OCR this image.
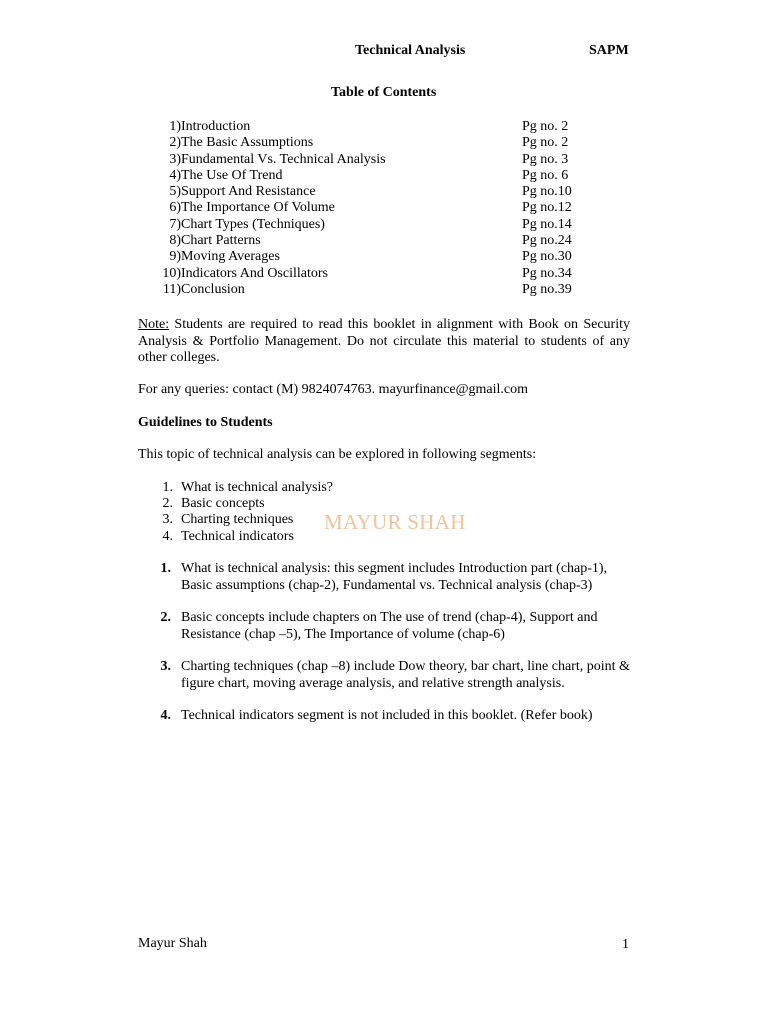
Technical Analysis	SAPM
Table of Contents
1) Introduction	Pg no. 2
2) The Basic Assumptions	Pg no. 2
3) Fundamental Vs. Technical Analysis	Pg no. 3
4) The Use Of Trend	Pg no. 6
5) Support And Resistance	Pg no.10
6) The Importance Of Volume	Pg no.12
7) Chart Types (Techniques)	Pg no.14
8) Chart Patterns	Pg no.24
9) Moving Averages	Pg no.30
10) Indicators And Oscillators	Pg no.34
11) Conclusion	Pg no.39
Note: Students are required to read this booklet in alignment with Book on Security Analysis & Portfolio Management. Do not circulate this material to students of any other colleges.
For any queries: contact (M) 9824074763. mayurfinance@gmail.com
Guidelines to Students
This topic of technical analysis can be explored in following segments:
1. What is technical analysis?
2. Basic concepts
3. Charting techniques
4. Technical indicators
MAYUR SHAH
1. What is technical analysis: this segment includes Introduction part (chap-1), Basic assumptions (chap-2), Fundamental vs. Technical analysis (chap-3)
2. Basic concepts include chapters on The use of trend (chap-4), Support and Resistance (chap –5), The Importance of volume (chap-6)
3. Charting techniques (chap –8) include Dow theory, bar chart, line chart, point & figure chart, moving average analysis, and relative strength analysis.
4. Technical indicators segment is not included in this booklet. (Refer book)
Mayur Shah	1
